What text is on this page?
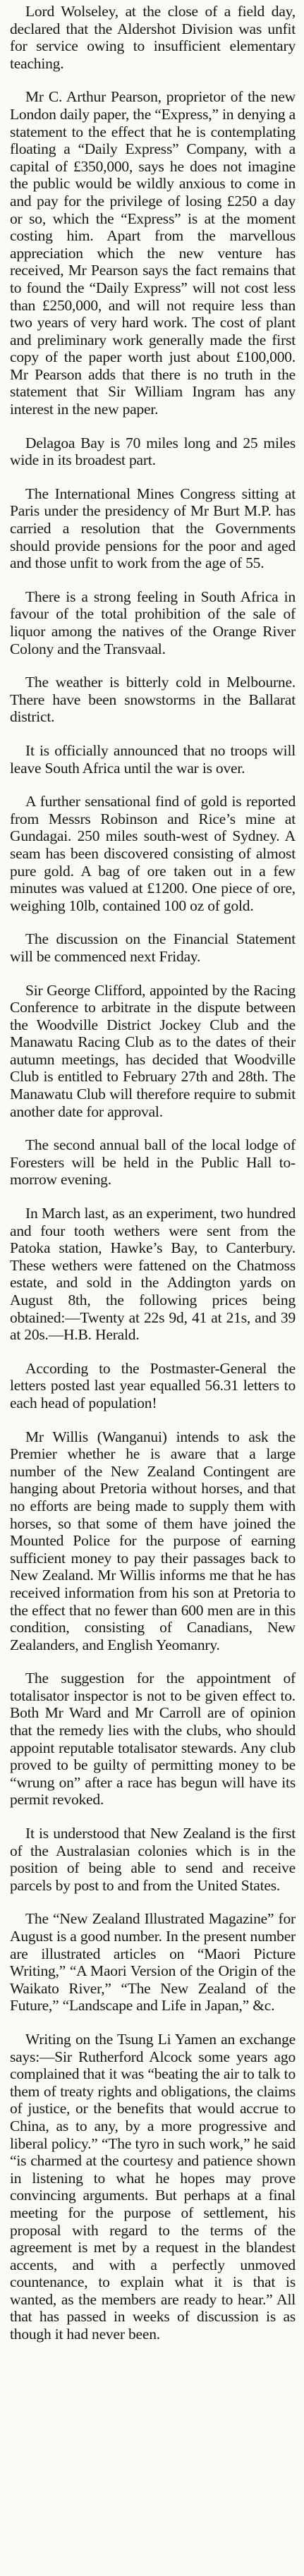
Lord Wolseley, at the close of a field day, declared that the Aldershot Division was unfit for service owing to insufficient elementary teaching.

Mr C. Arthur Pearson, proprietor of the new London daily paper, the “Express,” in denying a statement to the effect that he is contemplating floating a “Daily Express” Company, with a capital of £350,000, says he does not imagine the public would be wildly anxious to come in and pay for the privilege of losing £250 a day or so, which the “Express” is at the moment costing him. Apart from the marvellous appreciation which the new venture has received, Mr Pearson says the fact remains that to found the “Daily Express” will not cost less than £250,000, and will not require less than two years of very hard work. The cost of plant and preliminary work generally made the first copy of the paper worth just about £100,000. Mr Pearson adds that there is no truth in the statement that Sir William Ingram has any interest in the new paper.

Delagoa Bay is 70 miles long and 25 miles wide in its broadest part.

The International Mines Congress sitting at Paris under the presidency of Mr Burt M.P. has carried a resolution that the Governments should provide pensions for the poor and aged and those unfit to work from the age of 55.

There is a strong feeling in South Africa in favour of the total prohibition of the sale of liquor among the natives of the Orange River Colony and the Transvaal.

The weather is bitterly cold in Melbourne. There have been snowstorms in the Ballarat district.

It is officially announced that no troops will leave South Africa until the war is over.

A further sensational find of gold is reported from Messrs Robinson and Rice’s mine at Gundagai. 250 miles south-west of Sydney. A seam has been discovered consisting of almost pure gold. A bag of ore taken out in a few minutes was valued at £1200. One piece of ore, weighing 10lb, contained 100 oz of gold.

The discussion on the Financial Statement will be commenced next Friday.

Sir George Clifford, appointed by the Racing Conference to arbitrate in the dispute between the Woodville District Jockey Club and the Manawatu Racing Club as to the dates of their autumn meetings, has decided that Woodville Club is entitled to February 27th and 28th. The Manawatu Club will therefore require to submit another date for approval.

The second annual ball of the local lodge of Foresters will be held in the Public Hall to-morrow evening.

In March last, as an experiment, two hundred and four tooth wethers were sent from the Patoka station, Hawke’s Bay, to Canterbury. These wethers were fattened on the Chatmoss estate, and sold in the Addington yards on August 8th, the following prices being obtained:—Twenty at 22s 9d, 41 at 21s, and 39 at 20s.—H.B. Herald.

According to the Postmaster-General the letters posted last year equalled 56.31 letters to each head of population!

Mr Willis (Wanganui) intends to ask the Premier whether he is aware that a large number of the New Zealand Contingent are hanging about Pretoria without horses, and that no efforts are being made to supply them with horses, so that some of them have joined the Mounted Police for the purpose of earning sufficient money to pay their passages back to New Zealand. Mr Willis informs me that he has received information from his son at Pretoria to the effect that no fewer than 600 men are in this condition, consisting of Canadians, New Zealanders, and English Yeomanry.

The suggestion for the appointment of totalisator inspector is not to be given effect to. Both Mr Ward and Mr Carroll are of opinion that the remedy lies with the clubs, who should appoint reputable totalisator stewards. Any club proved to be guilty of permitting money to be “wrung on” after a race has begun will have its permit revoked.

It is understood that New Zealand is the first of the Australasian colonies which is in the position of being able to send and receive parcels by post to and from the United States.

The “New Zealand Illustrated Magazine” for August is a good number. In the present number are illustrated articles on “Maori Picture Writing,” “A Maori Version of the Origin of the Waikato River,” “The New Zealand of the Future,” “Landscape and Life in Japan,” &c.

Writing on the Tsung Li Yamen an exchange says:—Sir Rutherford Alcock some years ago complained that it was “beating the air to talk to them of treaty rights and obligations, the claims of justice, or the benefits that would accrue to China, as to any, by a more progressive and liberal policy.” “The tyro in such work,” he said “is charmed at the courtesy and patience shown in listening to what he hopes may prove convincing arguments. But perhaps at a final meeting for the purpose of settlement, his proposal with regard to the terms of the agreement is met by a request in the blandest accents, and with a perfectly unmoved countenance, to explain what it is that is wanted, as the members are ready to hear.” All that has passed in weeks of discussion is as though it had never been.
